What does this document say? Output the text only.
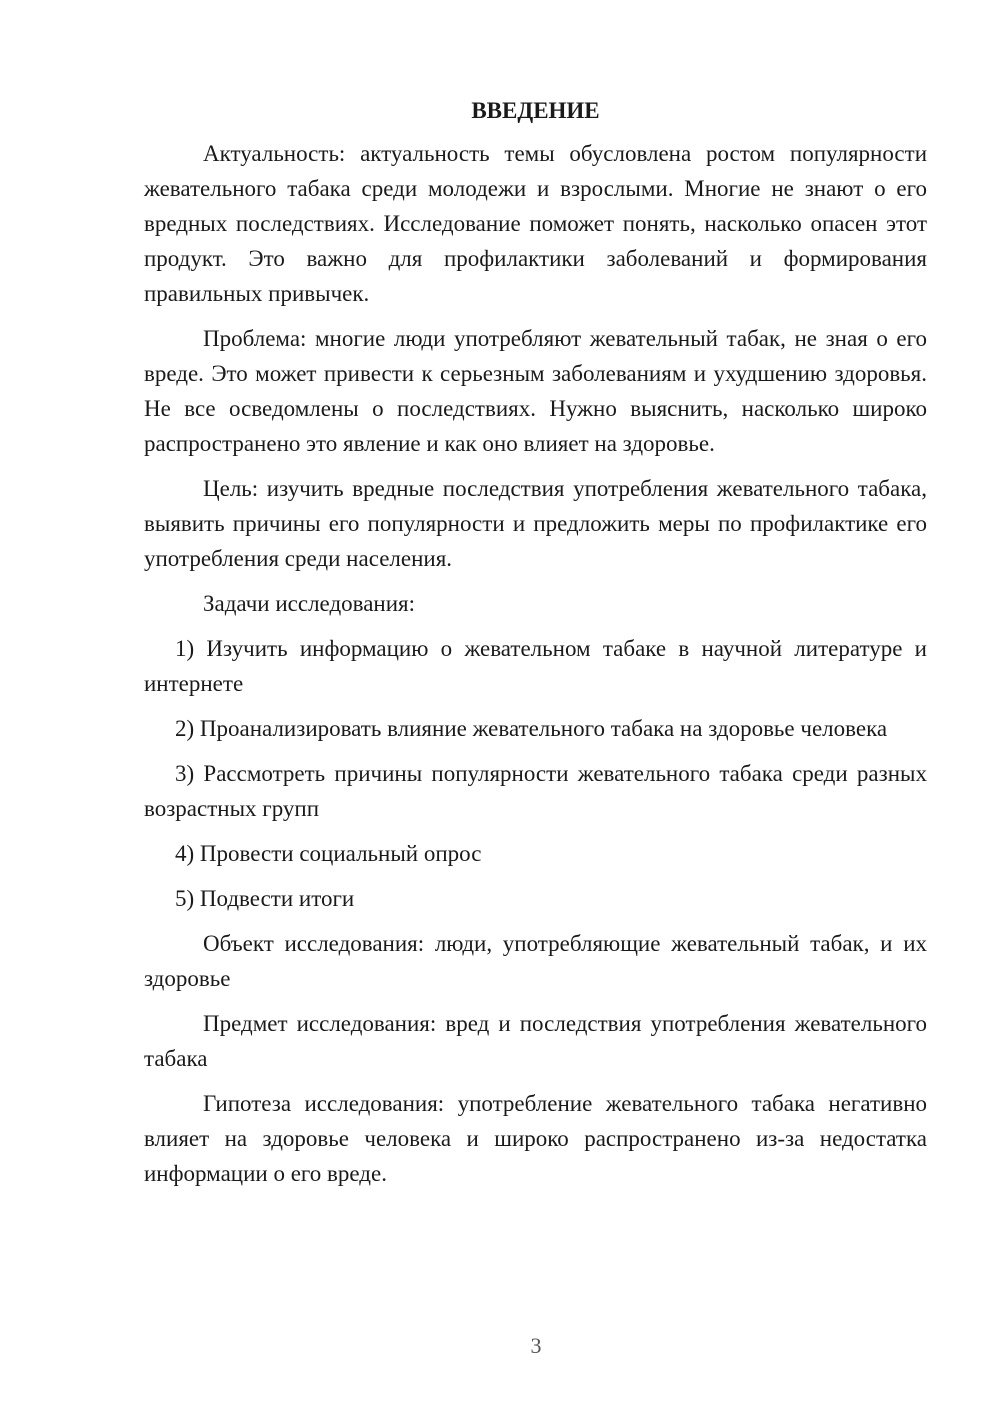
ВВЕДЕНИЕ

Актуальность: актуальность темы обусловлена ростом популярности жевательного табака среди молодежи и взрослыми. Многие не знают о его вредных последствиях. Исследование поможет понять, насколько опасен этот продукт. Это важно для профилактики заболеваний и формирования правильных привычек.

Проблема: многие люди употребляют жевательный табак, не зная о его вреде. Это может привести к серьезным заболеваниям и ухудшению здоровья. Не все осведомлены о последствиях. Нужно выяснить, насколько широко распространено это явление и как оно влияет на здоровье.

Цель: изучить вредные последствия употребления жевательного табака, выявить причины его популярности и предложить меры по профилактике его употребления среди населения.

Задачи исследования:

1) Изучить информацию о жевательном табаке в научной литературе и интернете

2) Проанализировать влияние жевательного табака на здоровье человека

3) Рассмотреть причины популярности жевательного табака среди разных возрастных групп

4) Провести социальный опрос

5) Подвести итоги

Объект исследования: люди, употребляющие жевательный табак, и их здоровье

Предмет исследования: вред и последствия употребления жевательного табака

Гипотеза исследования: употребление жевательного табака негативно влияет на здоровье человека и широко распространено из-за недостатка информации о его вреде.

3
